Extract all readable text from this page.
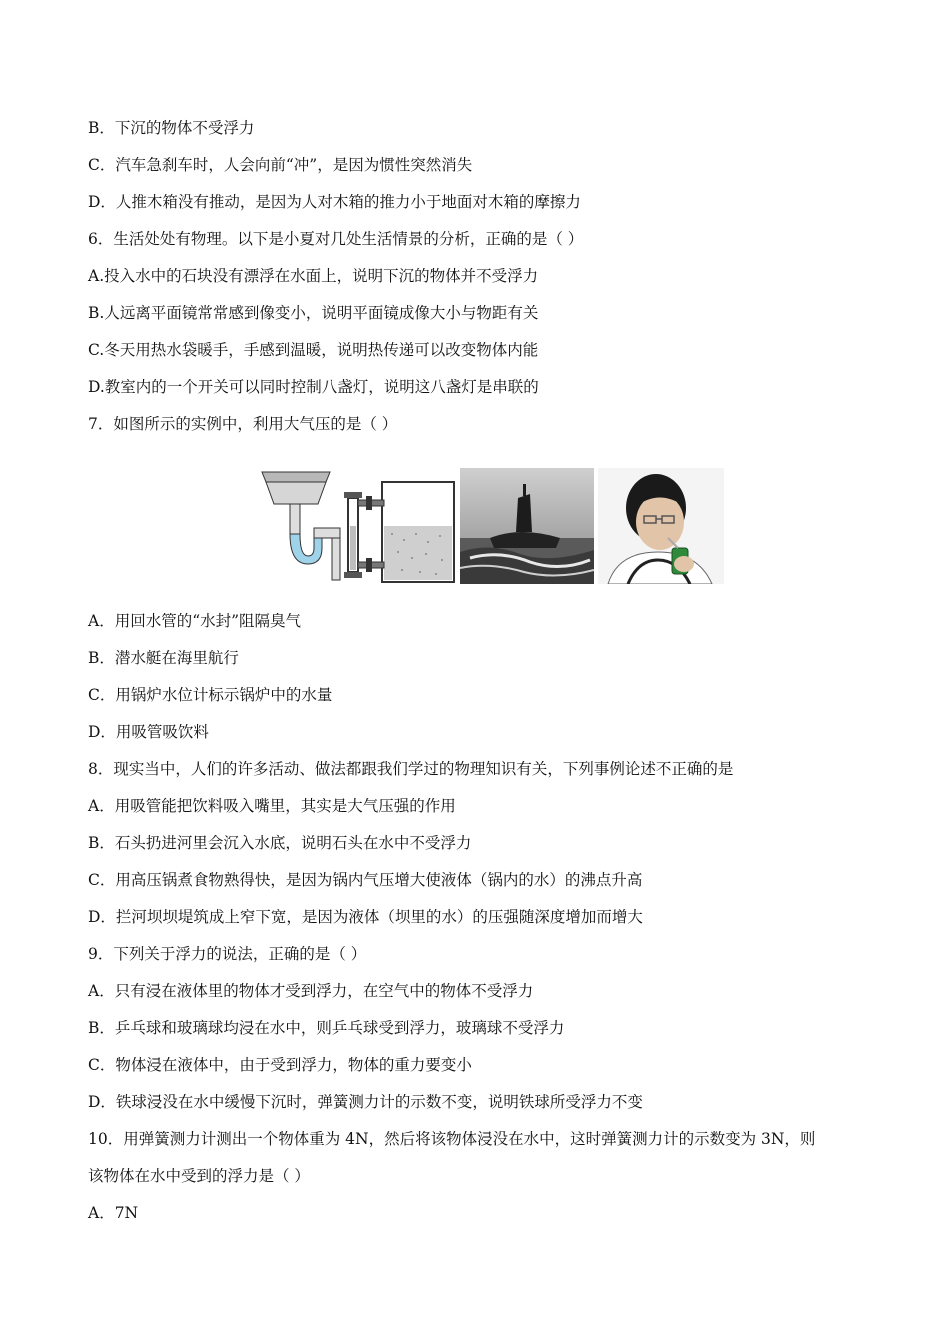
B．下沉的物体不受浮力
C．汽车急刹车时，人会向前“冲”，是因为惯性突然消失
D．人推木箱没有推动，是因为人对木箱的推力小于地面对木箱的摩擦力
6．生活处处有物理。以下是小夏对几处生活情景的分析，正确的是（ ）
A.投入水中的石块没有漂浮在水面上，说明下沉的物体并不受浮力
B.人远离平面镜常常感到像变小，说明平面镜成像大小与物距有关
C.冬天用热水袋暖手，手感到温暖，说明热传递可以改变物体内能
D.教室内的一个开关可以同时控制八盏灯，说明这八盏灯是串联的
7．如图所示的实例中，利用大气压的是（ ）
A．用回水管的“水封”阻隔臭气
B．潜水艇在海里航行
C．用锅炉水位计标示锅炉中的水量
D．用吸管吸饮料
8．现实当中，人们的许多活动、做法都跟我们学过的物理知识有关，下列事例论述不正确的是
A．用吸管能把饮料吸入嘴里，其实是大气压强的作用
B．石头扔进河里会沉入水底，说明石头在水中不受浮力
C．用高压锅煮食物熟得快，是因为锅内气压增大使液体（锅内的水）的沸点升高
D．拦河坝坝堤筑成上窄下宽，是因为液体（坝里的水）的压强随深度增加而增大
9．下列关于浮力的说法，正确的是（ ）
A．只有浸在液体里的物体才受到浮力，在空气中的物体不受浮力
B．乒乓球和玻璃球均浸在水中，则乒乓球受到浮力，玻璃球不受浮力
C．物体浸在液体中，由于受到浮力，物体的重力要变小
D．铁球浸没在水中缓慢下沉时，弹簧测力计的示数不变，说明铁球所受浮力不变
10．用弹簧测力计测出一个物体重为 4N，然后将该物体浸没在水中，这时弹簧测力计的示数变为 3N，则
该物体在水中受到的浮力是（ ）
A．7N
